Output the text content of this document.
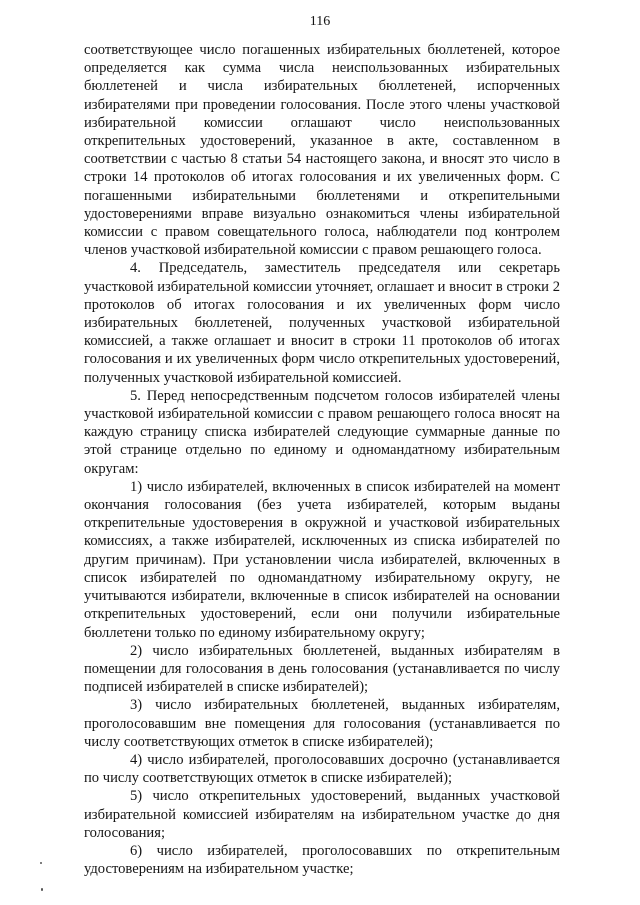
116

соответствующее число погашенных избирательных бюллетеней, которое определяется как сумма числа неиспользованных избирательных бюллетеней и числа избирательных бюллетеней, испорченных избирателями при проведении голосования. После этого члены участковой избирательной комиссии оглашают число неиспользованных открепительных удостоверений, указанное в акте, составленном в соответствии с частью 8 статьи 54 настоящего закона, и вносят это число в строки 14 протоколов об итогах голосования и их увеличенных форм. С погашенными избирательными бюллетенями и открепительными удостоверениями вправе визуально ознакомиться члены избирательной комиссии с правом совещательного голоса, наблюдатели под контролем членов участковой избирательной комиссии с правом решающего голоса.

4. Председатель, заместитель председателя или секретарь участковой избирательной комиссии уточняет, оглашает и вносит в строки 2 протоколов об итогах голосования и их увеличенных форм число избирательных бюллетеней, полученных участковой избирательной комиссией, а также оглашает и вносит в строки 11 протоколов об итогах голосования и их увеличенных форм число открепительных удостоверений, полученных участковой избирательной комиссией.

5. Перед непосредственным подсчетом голосов избирателей члены участковой избирательной комиссии с правом решающего голоса вносят на каждую страницу списка избирателей следующие суммарные данные по этой странице отдельно по единому и одномандатному избирательным округам:

1) число избирателей, включенных в список избирателей на момент окончания голосования (без учета избирателей, которым выданы открепительные удостоверения в окружной и участковой избирательных комиссиях, а также избирателей, исключенных из списка избирателей по другим причинам). При установлении числа избирателей, включенных в список избирателей по одномандатному избирательному округу, не учитываются избиратели, включенные в список избирателей на основании открепительных удостоверений, если они получили избирательные бюллетени только по единому избирательному округу;

2) число избирательных бюллетеней, выданных избирателям в помещении для голосования в день голосования (устанавливается по числу подписей избирателей в списке избирателей);

3) число избирательных бюллетеней, выданных избирателям, проголосовавшим вне помещения для голосования (устанавливается по числу соответствующих отметок в списке избирателей);

4) число избирателей, проголосовавших досрочно (устанавливается по числу соответствующих отметок в списке избирателей);

5) число открепительных удостоверений, выданных участковой избирательной комиссией избирателям на избирательном участке до дня голосования;

6) число избирателей, проголосовавших по открепительным удостоверениям на избирательном участке;
